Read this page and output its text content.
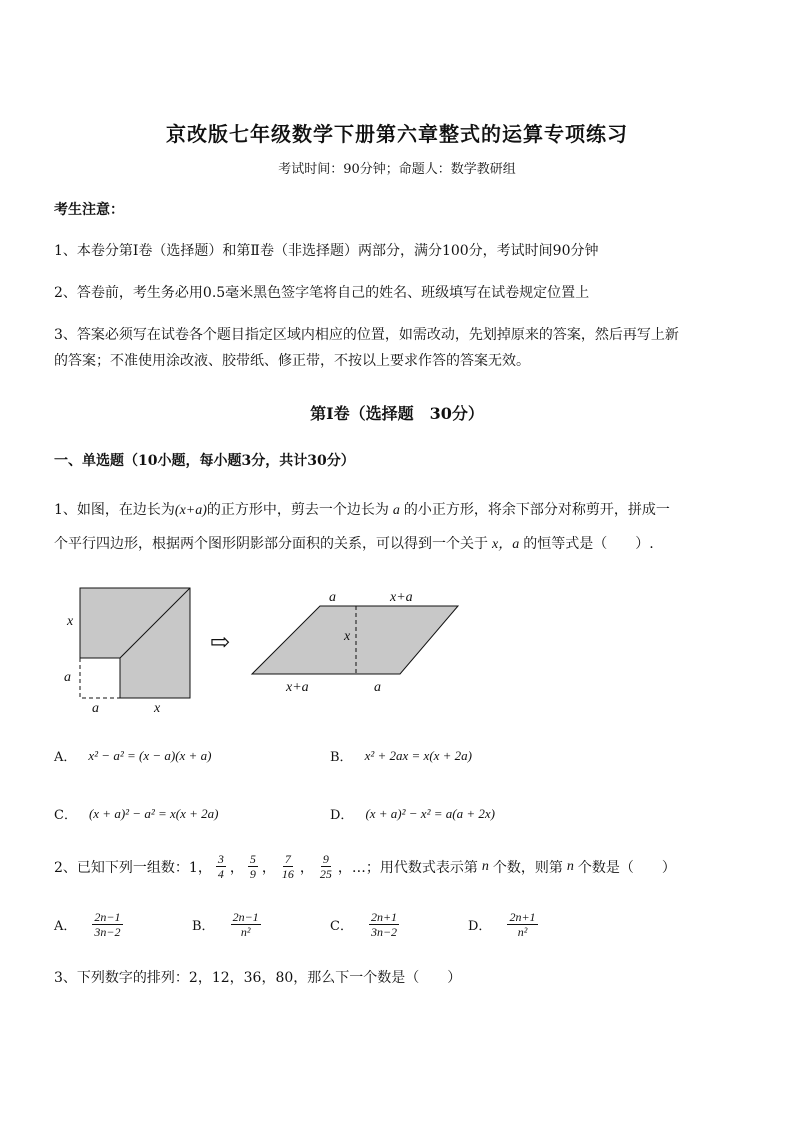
京改版七年级数学下册第六章整式的运算专项练习
考试时间：90分钟；命题人：数学教研组
考生注意：
1、本卷分第Ⅰ卷（选择题）和第Ⅱ卷（非选择题）两部分，满分100分，考试时间90分钟
2、答卷前，考生务必用0.5毫米黑色签字笔将自己的姓名、班级填写在试卷规定位置上
3、答案必须写在试卷各个题目指定区域内相应的位置，如需改动，先划掉原来的答案，然后再写上新
的答案；不准使用涂改液、胶带纸、修正带，不按以上要求作答的答案无效。
第Ⅰ卷（选择题　30分）
一、单选题（10小题，每小题3分，共计30分）
1、如图，在边长为(x+a)的正方形中，剪去一个边长为 a 的小正方形，将余下部分对称剪开，拼成一
个平行四边形，根据两个图形阴影部分面积的关系，可以得到一个关于 x，a 的恒等式是（　　）.
x
a
a	x
⇨
a	x+a
x
x+a	a
A． x² − a² = (x − a)(x + a)	B． x² + 2ax = x(x + 2a)
C． (x + a)² − a² = x(x + 2a)	D． (x + a)² − x² = a(a + 2x)
2、已知下列一组数：1， $\frac{3}{4}$ ， $\frac{5}{9}$ ， $\frac{7}{16}$ ， $\frac{9}{25}$ ，…；用代数式表示第 n 个数，则第 n 个数是（　　）
A． $\frac{2n-1}{3n-2}$	B． $\frac{2n-1}{\text{n²}}$	C． $\frac{2n+1}{3n-2}$	D． $\frac{2n+1}{\text{n²}}$
3、下列数字的排列：2，12，36，80，那么下一个数是（　　）
